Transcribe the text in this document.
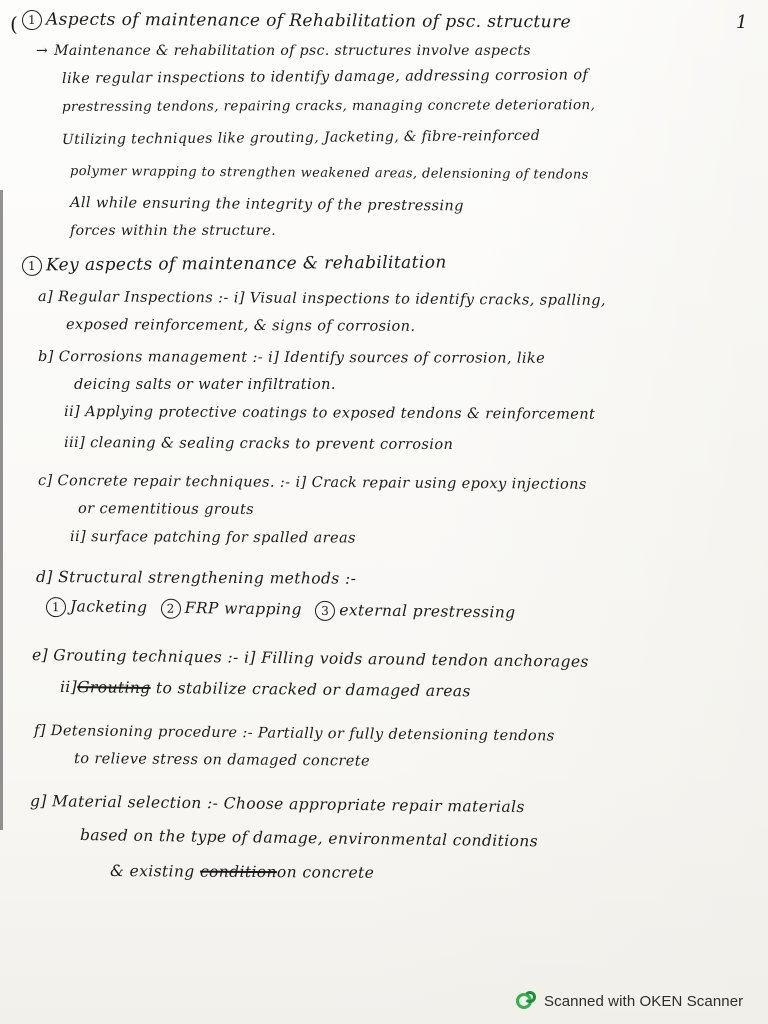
(	1
1 Aspects of maintenance of Rehabilitation of psc. structure
→ Maintenance & rehabilitation of psc. structures involve aspects
like regular inspections to identify damage, addressing corrosion of
prestressing tendons, repairing cracks, managing concrete deterioration,
Utilizing techniques like grouting, Jacketing, & fibre-reinforced
polymer wrapping to strengthen weakened areas, delensioning of tendons
All while ensuring the integrity of the prestressing
forces within the structure.
1 Key aspects of maintenance & rehabilitation
a] Regular Inspections :- i] Visual inspections to identify cracks, spalling,
exposed reinforcement, & signs of corrosion.
b] Corrosions management :- i] Identify sources of corrosion, like
deicing salts or water infiltration.
ii] Applying protective coatings to exposed tendons & reinforcement
iii] cleaning & sealing cracks to prevent corrosion
c] Concrete repair techniques. :- i] Crack repair using epoxy injections
or cementitious grouts
ii] surface patching for spalled areas
d] Structural strengthening methods :-
1 Jacketing 2 FRP wrapping 3 external prestressing
e] Grouting techniques :- i] Filling voids around tendon anchorages
ii]Grouting to stabilize cracked or damaged areas
f] Detensioning procedure :- Partially or fully detensioning tendons
to relieve stress on damaged concrete
g] Material selection :- Choose appropriate repair materials
based on the type of damage, environmental conditions
& existing conditionon concrete
Scanned with OKEN Scanner
